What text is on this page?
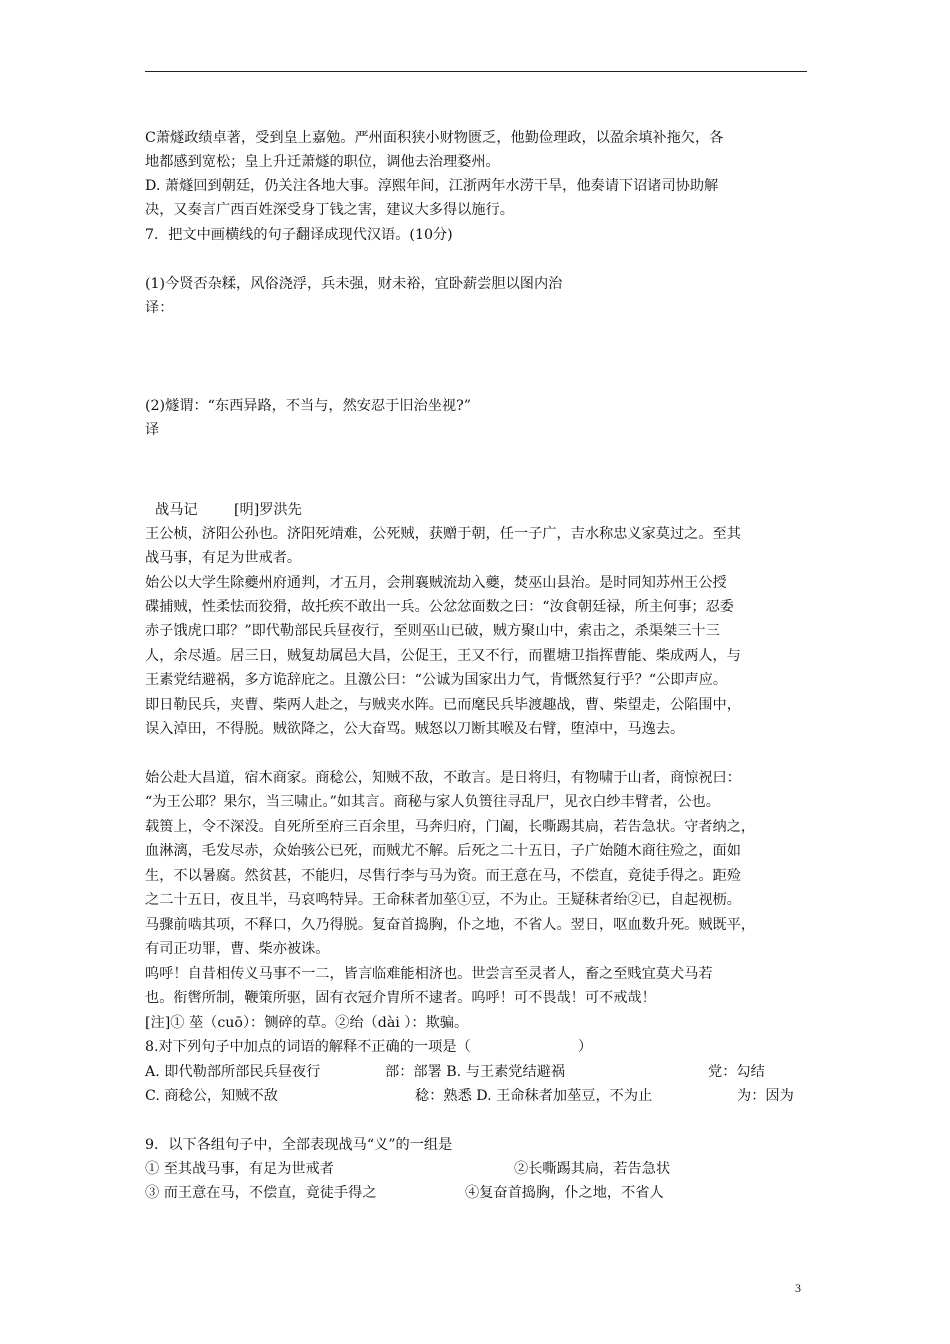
C萧燧政绩卓著，受到皇上嘉勉。严州面积狭小财物匮乏，他勤俭理政，以盈余填补拖欠，各
地都感到宽松；皇上升迁萧燧的职位，调他去治理婺州。
D. 萧燧回到朝廷，仍关注各地大事。淳熙年间，江浙两年水涝干旱，他奏请下诏诸司协助解
决，又奏言广西百姓深受身丁钱之害，建议大多得以施行。
7．把文中画横线的句子翻译成现代汉语。(10分)
(1)今贤否杂糅，风俗浇浮，兵未强，财未裕，宜卧薪尝胆以图内治
译：
(2)燧谓：“东西异路，不当与，然安忍于旧治坐视?”
译
战马记	[明]罗洪先
王公桢，济阳公孙也。济阳死靖难，公死贼，获赠于朝，任一子广，吉水称忠义家莫过之。至其
战马事，有足为世戒者。
始公以大学生除夔州府通判，才五月，会荆襄贼流劫入夔，焚巫山县治。是时同知苏州王公授
碟捕贼，性柔怯而狡猾，故托疾不敢出一兵。公忿忿面数之曰：“汝食朝廷禄，所主何事；忍委
赤子饿虎口耶？”即代勒部民兵昼夜行，至则巫山已破，贼方聚山中，索击之，杀渠桀三十三
人，余尽遁。居三日，贼复劫属邑大昌，公促王，王又不行，而瞿塘卫指挥曹能、柴成两人，与
王素党结避祸，多方诡辞庇之。且激公曰：“公诚为国家出力气，肯慨然复行乎？“公即声应。
即日勒民兵，夹曹、柴两人赴之，与贼夹水阵。已而麾民兵毕渡趣战，曹、柴望走，公陷围中，
误入淖田，不得脱。贼欲降之，公大奋骂。贼怒以刀断其喉及右臂，堕淖中，马逸去。
始公赴大昌道，宿木商家。商稔公，知贼不敌，不敢言。是日将归，有物啸于山者，商惊祝曰：
“为王公耶？果尔，当三啸止。”如其言。商秘与家人负篑往寻乱尸，见衣白纱丰臂者，公也。
载篑上，令不深没。自死所至府三百余里，马奔归府，门阖，长嘶踢其扃，若告急状。守者纳之，
血淋漓，毛发尽赤，众始骇公已死，而贼尤不解。后死之二十五日，子广始随木商往殓之，面如
生，不以暑腐。然贫甚，不能归，尽售行李与马为资。而王意在马，不偿直，竟徒手得之。距殓
之二十五日，夜且半，马哀鸣特异。王命秣者加莝①豆，不为止。王疑秣者绐②已，自起视枥。
马骤前啮其项，不释口，久乃得脱。复奋首捣胸，仆之地，不省人。翌日，呕血数升死。贼既平，
有司正功罪，曹、柴亦被诛。
呜呼！自昔相传义马事不一二，皆言临难能相济也。世尝言至灵者人，畜之至贱宜莫犬马若
也。衔辔所制，鞭策所驱，固有衣冠介胄所不逮者。呜呼！可不畏哉！可不戒哉！
[注]① 莝（cuō）：铡碎的草。②绐（dài ）：欺骗。
8.对下列句子中加点的词语的解释不正确的一项是（	）
A. 即代勒部所部民兵昼夜行	部：部署 B. 与王素党结避祸	党：勾结
C. 商稔公，知贼不敌	稔：熟悉 D. 王命秣者加莝豆，不为止	为：因为
9．以下各组句子中，全部表现战马“义”的一组是
① 至其战马事，有足为世戒者	②长嘶踢其扃，若告急状
③ 而王意在马，不偿直，竟徒手得之	④复奋首捣胸，仆之地，不省人
3
